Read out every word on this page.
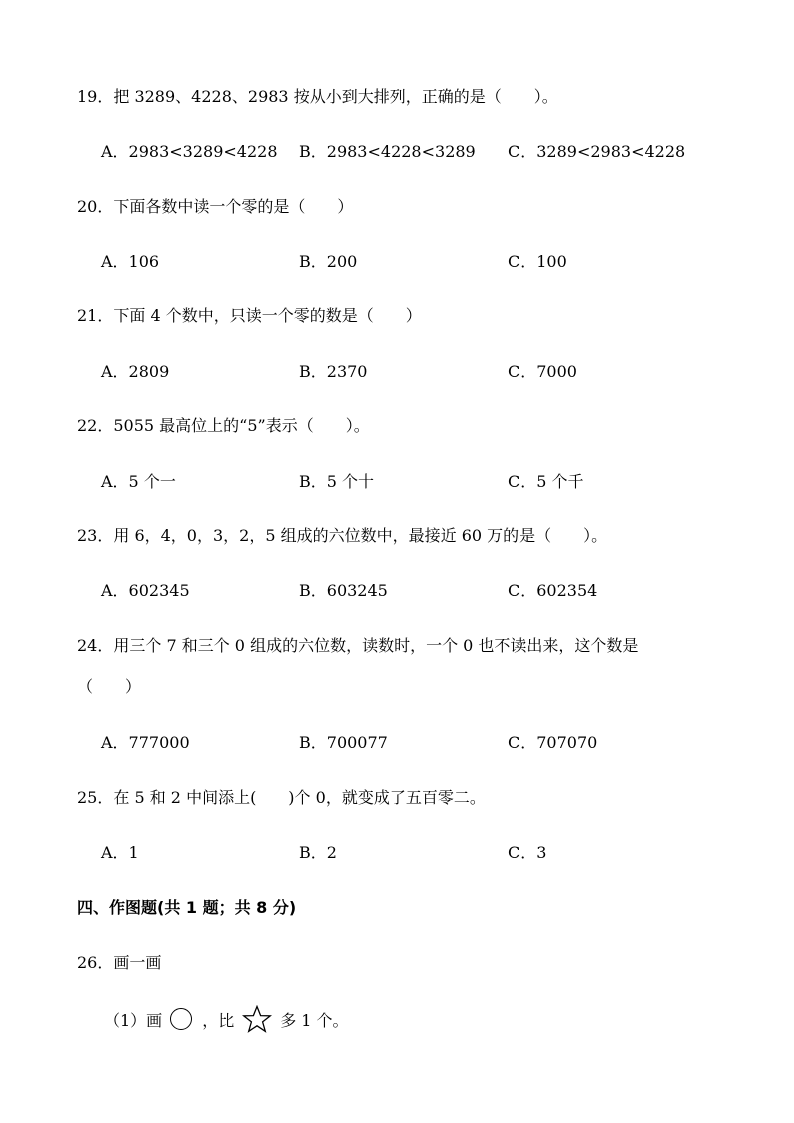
19．把 3289、4228、2983 按从小到大排列，正确的是（　　）。
A．2983<3289<4228 B．2983<4228<3289 C．3289<2983<4228
20．下面各数中读一个零的是（　　）
A．106	B．200	C．100
21．下面 4 个数中，只读一个零的数是（　　）
A．2809	B．2370	C．7000
22．5055 最高位上的“5”表示（　　）。
A．5 个一	B．5 个十	C．5 个千
23．用 6，4，0，3，2，5 组成的六位数中，最接近 60 万的是（　　）。
A．602345	B．603245	C．602354
24．用三个 7 和三个 0 组成的六位数，读数时，一个 0 也不读出来，这个数是
（　　）
A．777000	B．700077	C．707070
25．在 5 和 2 中间添上(　　)个 0，就变成了五百零二。
A．1	B．2	C．3
四、作图题(共 1 题；共 8 分)
26．画一画
（1）画	，比	多 1 个。
